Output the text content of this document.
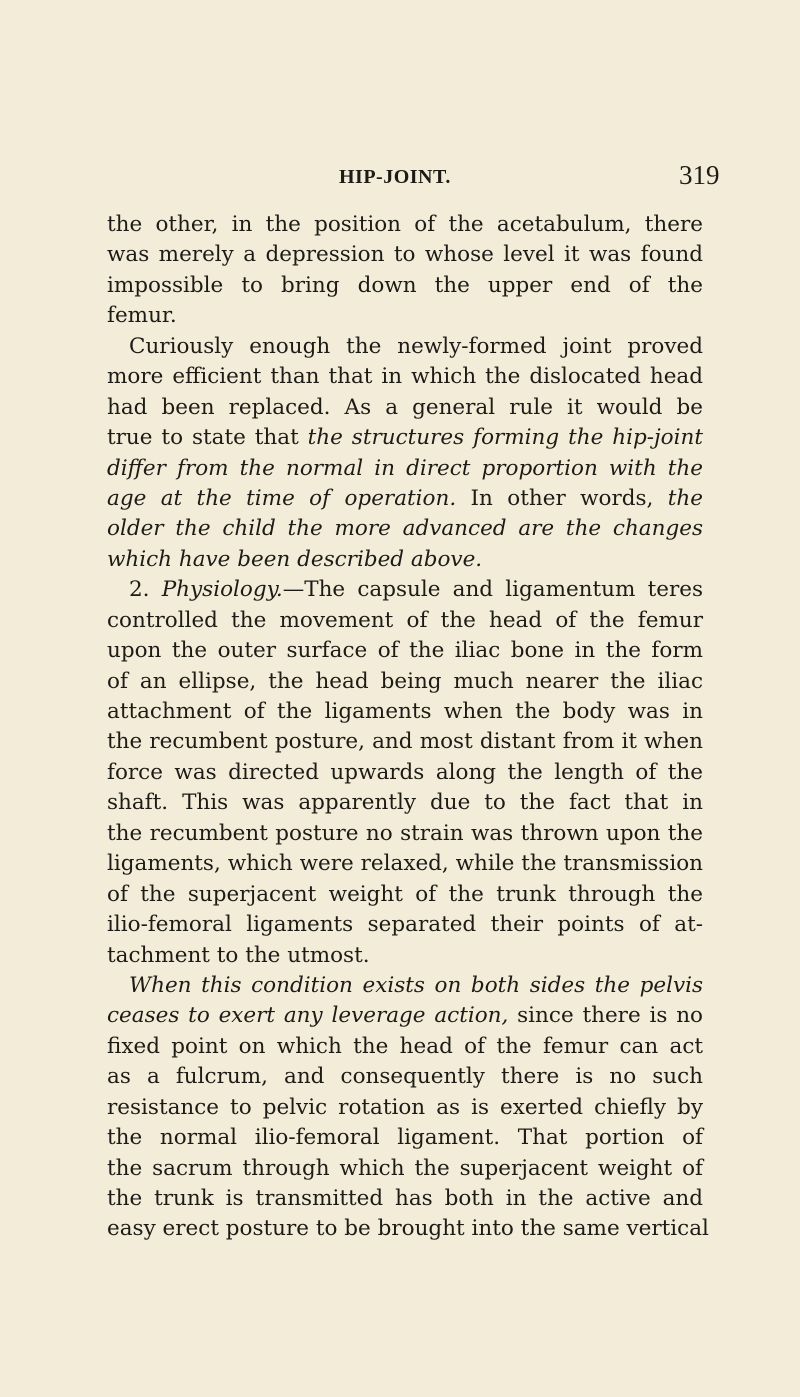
HIP-JOINT.	319
the other, in the position of the acetabulum, there
was merely a depression to whose level it was found
impossible to bring down the upper end of the
femur.
Curiously enough the newly-formed joint proved
more efficient than that in which the dislocated head
had been replaced. As a general rule it would be
true to state that the structures forming the hip-joint
differ from the normal in direct proportion with the
age at the time of operation. In other words, the
older the child the more advanced are the changes
which have been described above.
2. Physiology.—The capsule and ligamentum teres
controlled the movement of the head of the femur
upon the outer surface of the iliac bone in the form
of an ellipse, the head being much nearer the iliac
attachment of the ligaments when the body was in
the recumbent posture, and most distant from it when
force was directed upwards along the length of the
shaft. This was apparently due to the fact that in
the recumbent posture no strain was thrown upon the
ligaments, which were relaxed, while the transmission
of the superjacent weight of the trunk through the
ilio-femoral ligaments separated their points of at-
tachment to the utmost.
When this condition exists on both sides the pelvis
ceases to exert any leverage action, since there is no
fixed point on which the head of the femur can act
as a fulcrum, and consequently there is no such
resistance to pelvic rotation as is exerted chiefly by
the normal ilio-femoral ligament. That portion of
the sacrum through which the superjacent weight of
the trunk is transmitted has both in the active and
easy erect posture to be brought into the same vertical
